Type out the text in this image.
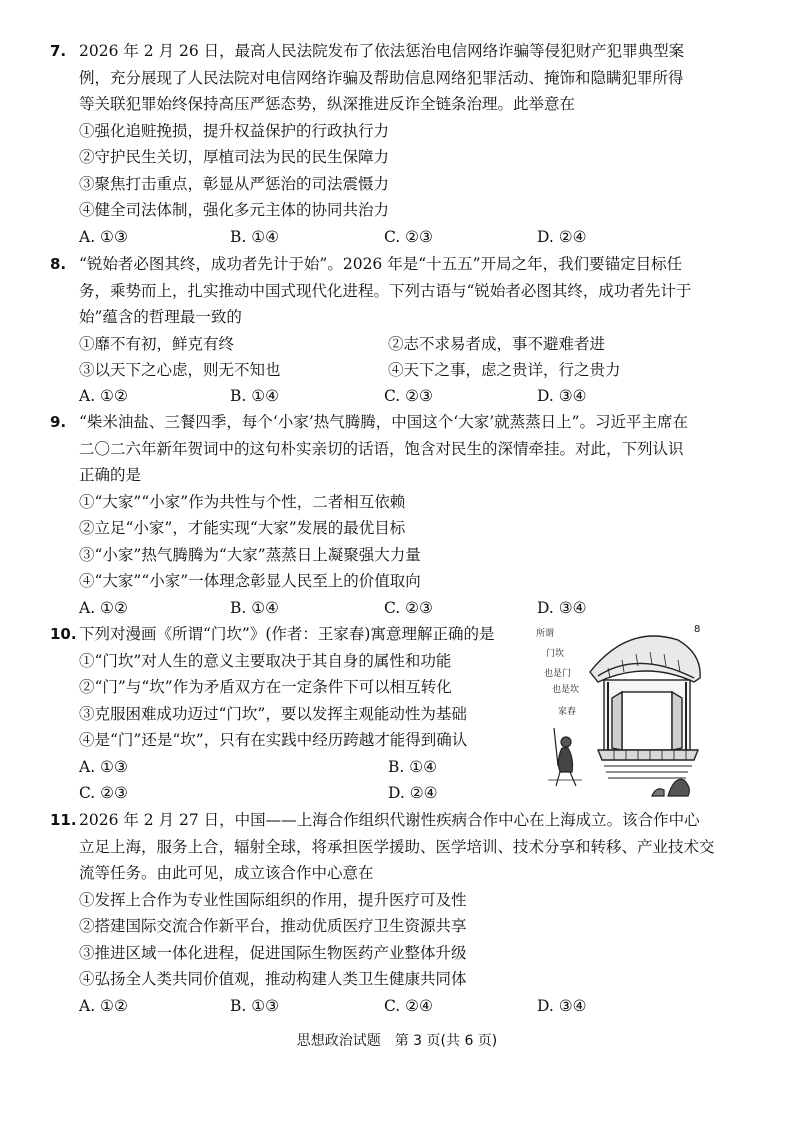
7. 2026 年 2 月 26 日，最高人民法院发布了依法惩治电信网络诈骗等侵犯财产犯罪典型案
例，充分展现了人民法院对电信网络诈骗及帮助信息网络犯罪活动、掩饰和隐瞒犯罪所得
等关联犯罪始终保持高压严惩态势，纵深推进反诈全链条治理。此举意在
①强化追赃挽损，提升权益保护的行政执行力
②守护民生关切，厚植司法为民的民生保障力
③聚焦打击重点，彰显从严惩治的司法震慑力
④健全司法体制，强化多元主体的协同共治力
A. ①③	B. ①④	C. ②③	D. ②④
8. “锐始者必图其终，成功者先计于始”。2026 年是“十五五”开局之年，我们要锚定目标任
务，乘势而上，扎实推动中国式现代化进程。下列古语与“锐始者必图其终，成功者先计于
始”蕴含的哲理最一致的
①靡不有初，鲜克有终	②志不求易者成，事不避难者进
③以天下之心虑，则无不知也	④天下之事，虑之贵详，行之贵力
A. ①②	B. ①④	C. ②③	D. ③④
9. “柴米油盐、三餐四季，每个‘小家’热气腾腾，中国这个‘大家’就蒸蒸日上”。习近平主席在
二〇二六年新年贺词中的这句朴实亲切的话语，饱含对民生的深情牵挂。对此，下列认识
正确的是
①“大家”“小家”作为共性与个性，二者相互依赖
②立足“小家”，才能实现“大家”发展的最优目标
③“小家”热气腾腾为“大家”蒸蒸日上凝聚强大力量
④“大家”“小家”一体理念彰显人民至上的价值取向
A. ①②	B. ①④	C. ②③	D. ③④
10. 下列对漫画《所谓“门坎”》(作者：王家春)寓意理解正确的是
①“门坎”对人生的意义主要取决于其自身的属性和功能
②“门”与“坎”作为矛盾双方在一定条件下可以相互转化
③克服困难成功迈过“门坎”，要以发挥主观能动性为基础
④是“门”还是“坎”，只有在实践中经历跨越才能得到确认
A. ①③	B. ①④
C. ②③	D. ②④
8
所谓
门坎
也是门
也是坎
家春
11. 2026 年 2 月 27 日，中国——上海合作组织代谢性疾病合作中心在上海成立。该合作中心
立足上海，服务上合，辐射全球，将承担医学援助、医学培训、技术分享和转移、产业技术交
流等任务。由此可见，成立该合作中心意在
①发挥上合作为专业性国际组织的作用，提升医疗可及性
②搭建国际交流合作新平台，推动优质医疗卫生资源共享
③推进区域一体化进程，促进国际生物医药产业整体升级
④弘扬全人类共同价值观，推动构建人类卫生健康共同体
A. ①②	B. ①③	C. ②④	D. ③④
思想政治试题　第 3 页(共 6 页)
